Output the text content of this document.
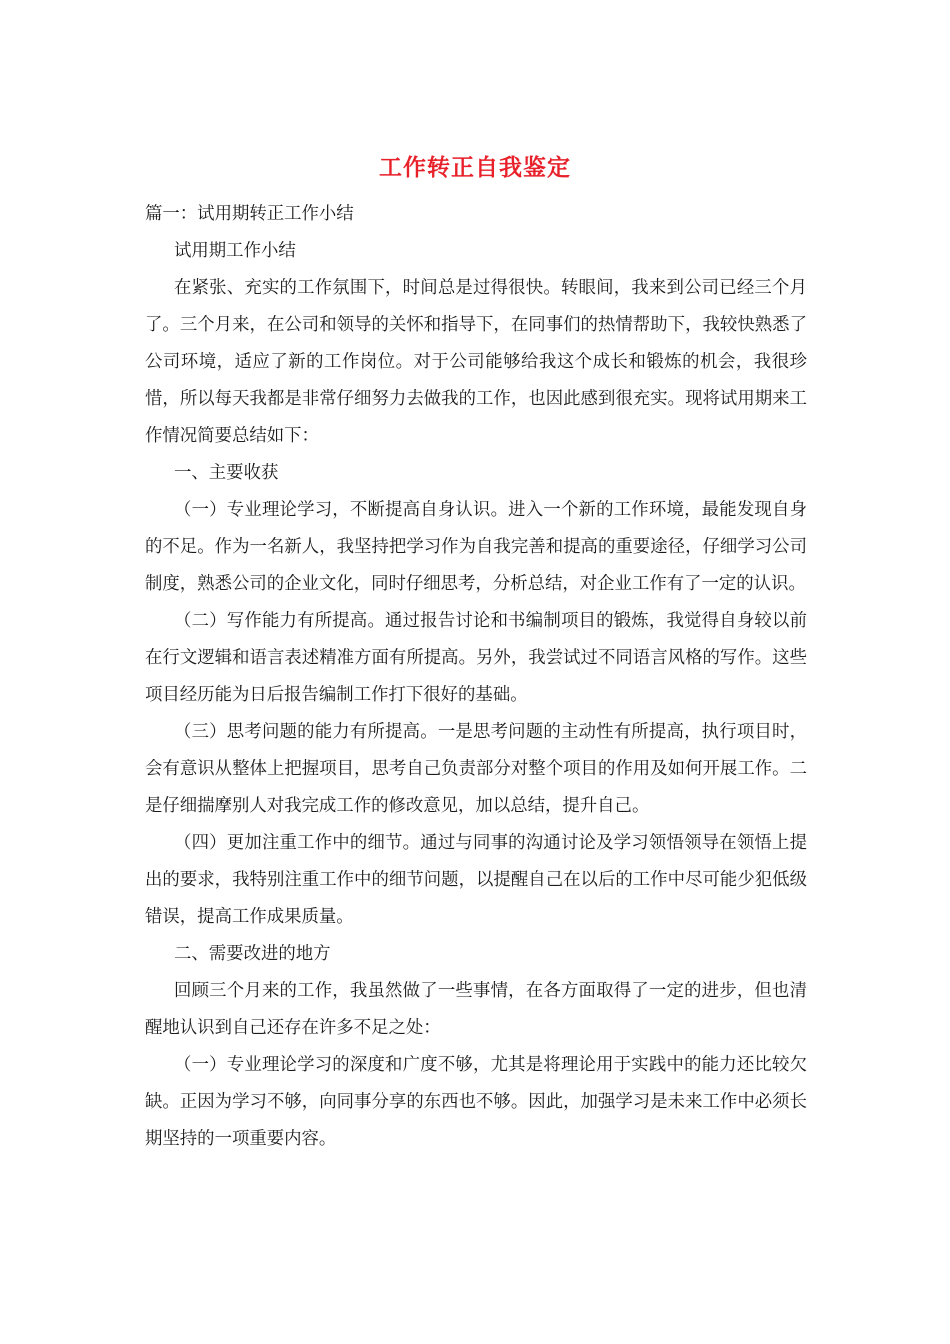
工作转正自我鉴定

篇一：试用期转正工作小结

试用期工作小结

在紧张、充实的工作氛围下，时间总是过得很快。转眼间，我来到公司已经三个月了。三个月来，在公司和领导的关怀和指导下，在同事们的热情帮助下，我较快熟悉了公司环境，适应了新的工作岗位。对于公司能够给我这个成长和锻炼的机会，我很珍惜，所以每天我都是非常仔细努力去做我的工作，也因此感到很充实。现将试用期来工作情况简要总结如下：

一、主要收获

（一）专业理论学习，不断提高自身认识。进入一个新的工作环境，最能发现自身的不足。作为一名新人，我坚持把学习作为自我完善和提高的重要途径，仔细学习公司制度，熟悉公司的企业文化，同时仔细思考，分析总结，对企业工作有了一定的认识。

（二）写作能力有所提高。通过报告讨论和书编制项目的锻炼，我觉得自身较以前在行文逻辑和语言表述精准方面有所提高。另外，我尝试过不同语言风格的写作。这些项目经历能为日后报告编制工作打下很好的基础。

（三）思考问题的能力有所提高。一是思考问题的主动性有所提高，执行项目时，会有意识从整体上把握项目，思考自己负责部分对整个项目的作用及如何开展工作。二是仔细揣摩别人对我完成工作的修改意见，加以总结，提升自己。

（四）更加注重工作中的细节。通过与同事的沟通讨论及学习领悟领导在领悟上提出的要求，我特别注重工作中的细节问题，以提醒自己在以后的工作中尽可能少犯低级错误，提高工作成果质量。

二、需要改进的地方

回顾三个月来的工作，我虽然做了一些事情，在各方面取得了一定的进步，但也清醒地认识到自己还存在许多不足之处：

（一）专业理论学习的深度和广度不够，尤其是将理论用于实践中的能力还比较欠缺。正因为学习不够，向同事分享的东西也不够。因此，加强学习是未来工作中必须长期坚持的一项重要内容。
